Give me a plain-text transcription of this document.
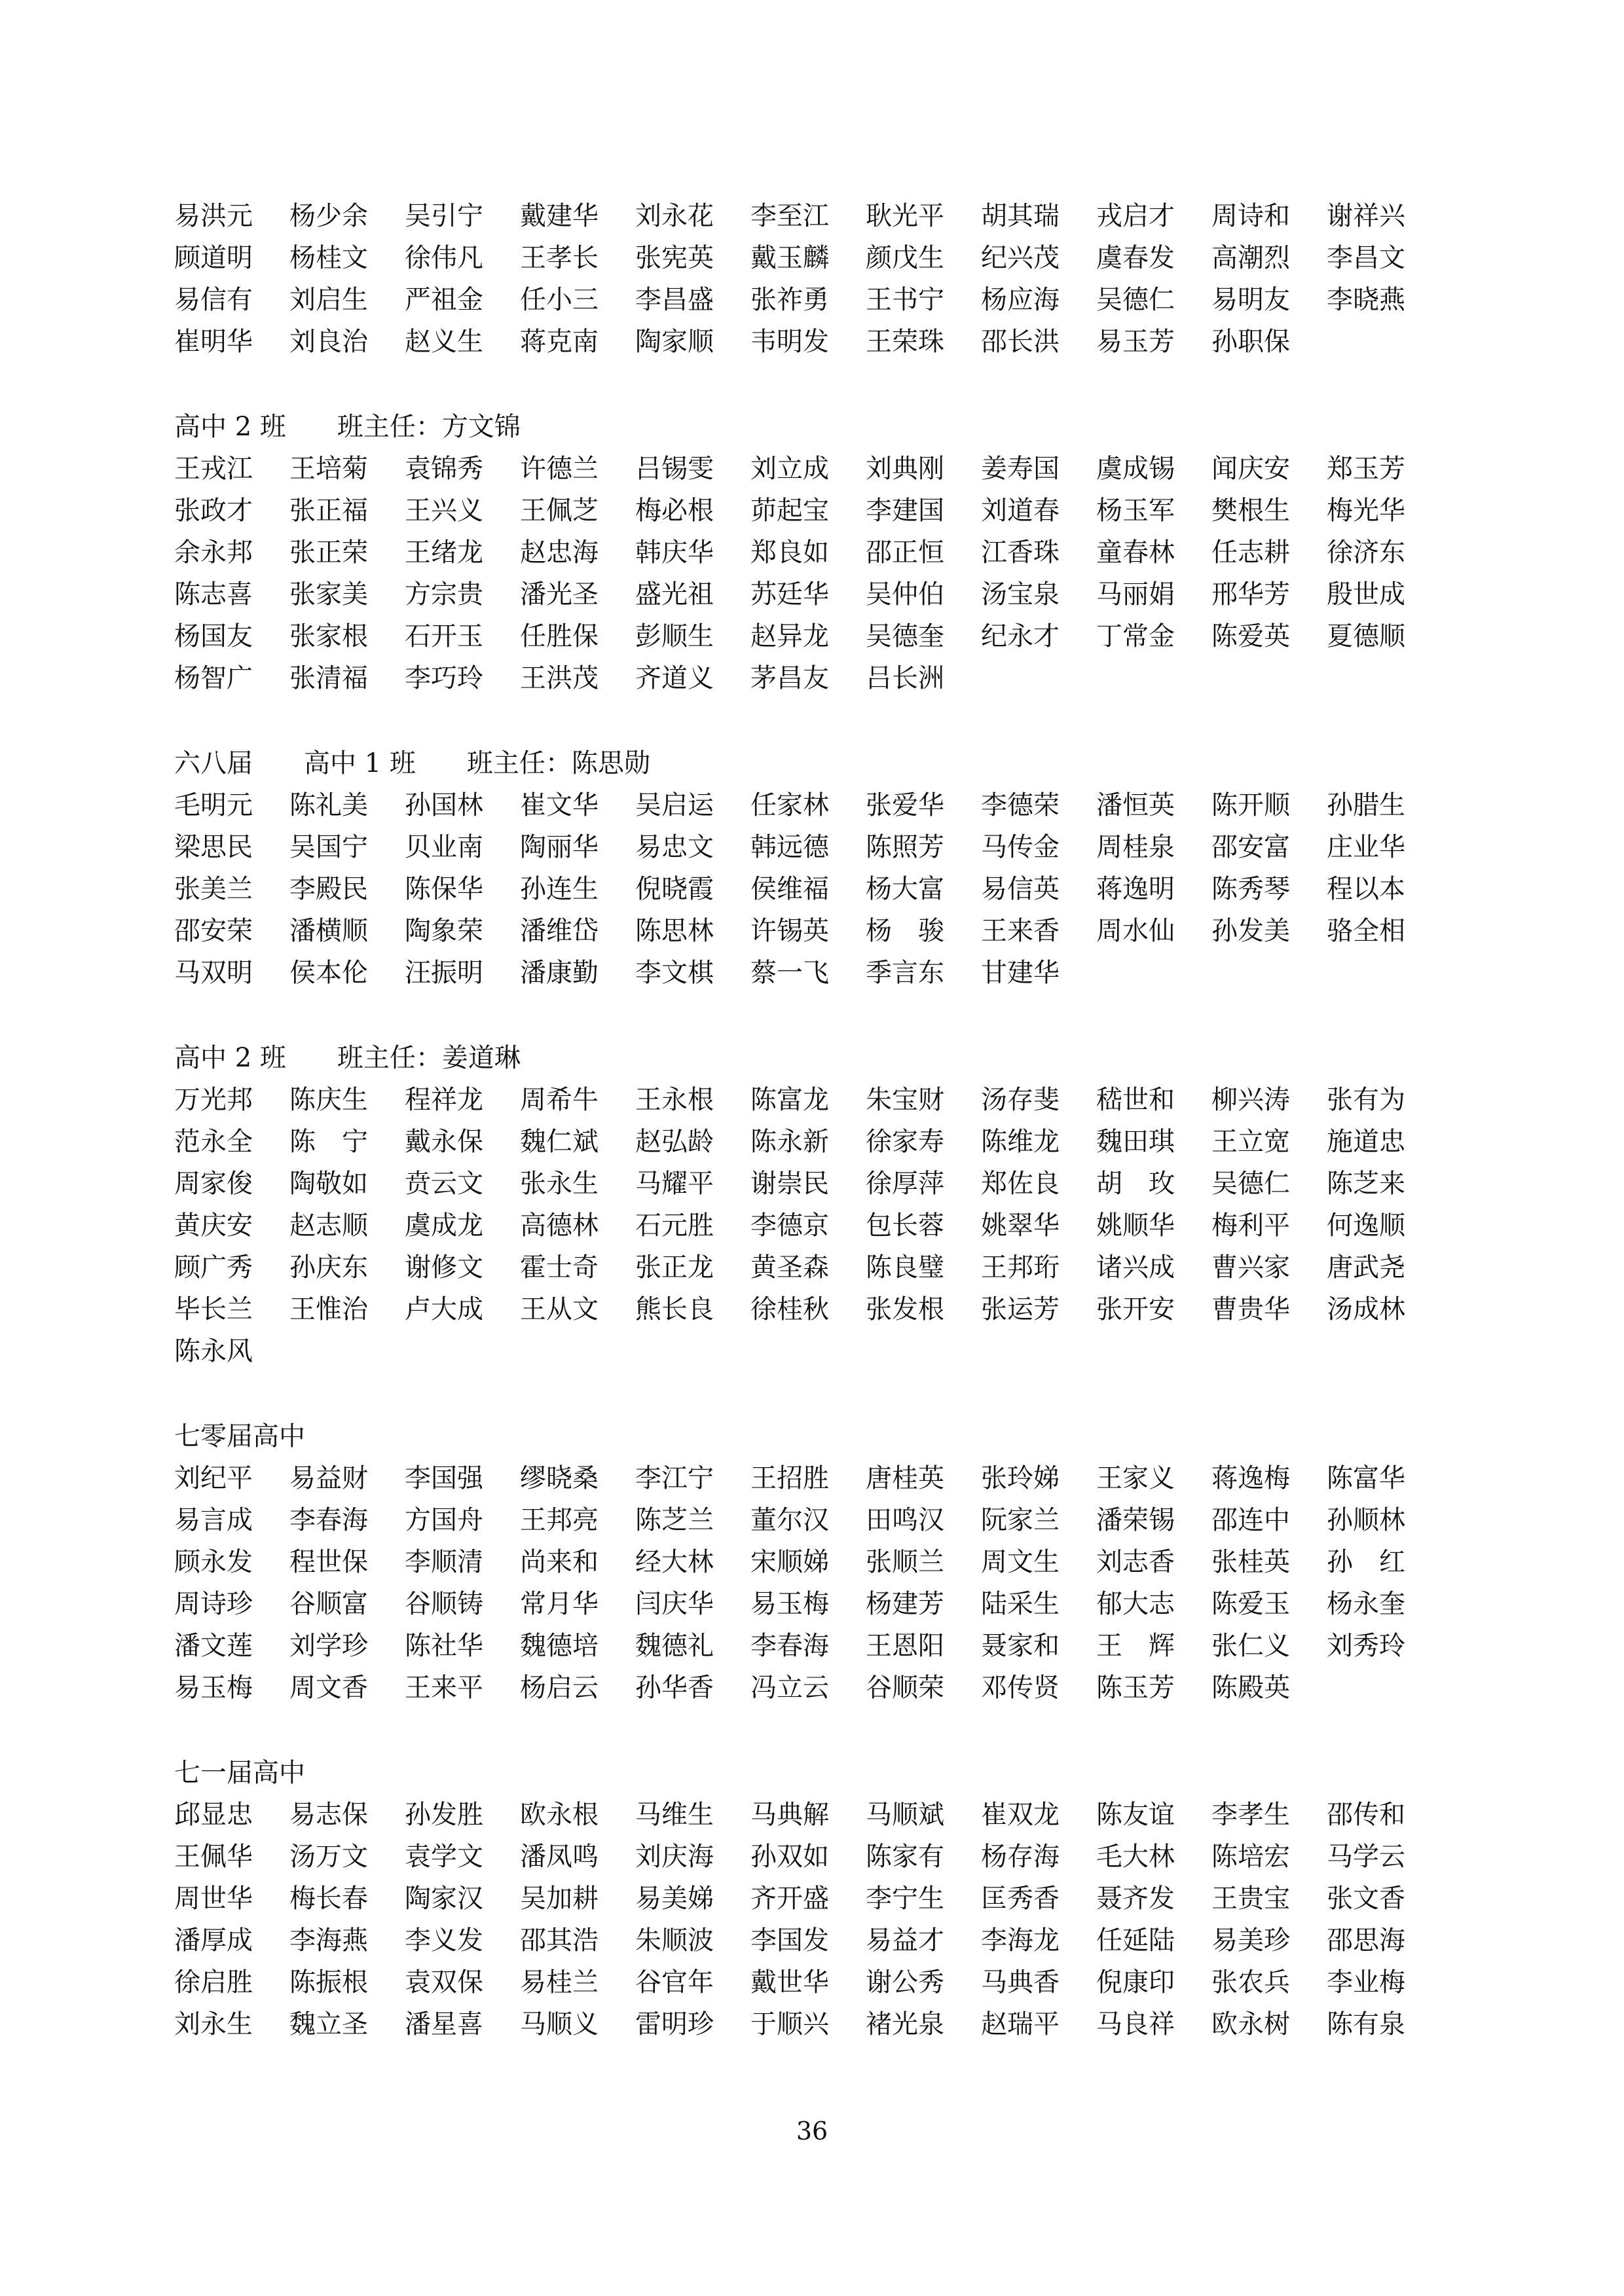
易洪元	杨少余	吴引宁	戴建华	刘永花	李至江	耿光平	胡其瑞	戎启才	周诗和	谢祥兴
顾道明	杨桂文	徐伟凡	王孝长	张宪英	戴玉麟	颜戊生	纪兴茂	虞春发	高潮烈	李昌文
易信有	刘启生	严祖金	任小三	李昌盛	张祚勇	王书宁	杨应海	吴德仁	易明友	李晓燕
崔明华	刘良治	赵义生	蒋克南	陶家顺	韦明发	王荣珠	邵长洪	易玉芳	孙职保
高中 2 班 班主任：方文锦
王戎江	王培菊	袁锦秀	许德兰	吕锡雯	刘立成	刘典刚	姜寿国	虞成锡	闻庆安	郑玉芳
张政才	张正福	王兴义	王佩芝	梅必根	茆起宝	李建国	刘道春	杨玉军	樊根生	梅光华
余永邦	张正荣	王绪龙	赵忠海	韩庆华	郑良如	邵正恒	江香珠	童春林	任志耕	徐济东
陈志喜	张家美	方宗贵	潘光圣	盛光祖	苏廷华	吴仲伯	汤宝泉	马丽娟	邢华芳	殷世成
杨国友	张家根	石开玉	任胜保	彭顺生	赵异龙	吴德奎	纪永才	丁常金	陈爱英	夏德顺
杨智广	张清福	李巧玲	王洪茂	齐道义	茅昌友	吕长洲
六八届 高中 1 班 班主任：陈思勋
毛明元	陈礼美	孙国林	崔文华	吴启运	任家林	张爱华	李德荣	潘恒英	陈开顺	孙腊生
梁思民	吴国宁	贝业南	陶丽华	易忠文	韩远德	陈照芳	马传金	周桂泉	邵安富	庄业华
张美兰	李殿民	陈保华	孙连生	倪晓霞	侯维福	杨大富	易信英	蒋逸明	陈秀琴	程以本
邵安荣	潘横顺	陶象荣	潘维岱	陈思林	许锡英	杨　骏	王来香	周水仙	孙发美	骆全相
马双明	侯本伦	汪振明	潘康勤	李文棋	蔡一飞	季言东	甘建华
高中 2 班 班主任：姜道琳
万光邦	陈庆生	程祥龙	周希牛	王永根	陈富龙	朱宝财	汤存斐	嵇世和	柳兴涛	张有为
范永全	陈　宁	戴永保	魏仁斌	赵弘龄	陈永新	徐家寿	陈维龙	魏田琪	王立宽	施道忠
周家俊	陶敬如	贲云文	张永生	马耀平	谢崇民	徐厚萍	郑佐良	胡　玫	吴德仁	陈芝来
黄庆安	赵志顺	虞成龙	高德林	石元胜	李德京	包长蓉	姚翠华	姚顺华	梅利平	何逸顺
顾广秀	孙庆东	谢修文	霍士奇	张正龙	黄圣森	陈良璧	王邦珩	诸兴成	曹兴家	唐武尧
毕长兰	王惟治	卢大成	王从文	熊长良	徐桂秋	张发根	张运芳	张开安	曹贵华	汤成林
陈永风
七零届高中
刘纪平	易益财	李国强	缪晓桑	李江宁	王招胜	唐桂英	张玲娣	王家义	蒋逸梅	陈富华
易言成	李春海	方国舟	王邦亮	陈芝兰	董尔汉	田鸣汉	阮家兰	潘荣锡	邵连中	孙顺林
顾永发	程世保	李顺清	尚来和	经大林	宋顺娣	张顺兰	周文生	刘志香	张桂英	孙　红
周诗珍	谷顺富	谷顺铸	常月华	闫庆华	易玉梅	杨建芳	陆采生	郁大志	陈爱玉	杨永奎
潘文莲	刘学珍	陈社华	魏德培	魏德礼	李春海	王恩阳	聂家和	王　辉	张仁义	刘秀玲
易玉梅	周文香	王来平	杨启云	孙华香	冯立云	谷顺荣	邓传贤	陈玉芳	陈殿英
七一届高中
邱显忠	易志保	孙发胜	欧永根	马维生	马典解	马顺斌	崔双龙	陈友谊	李孝生	邵传和
王佩华	汤万文	袁学文	潘凤鸣	刘庆海	孙双如	陈家有	杨存海	毛大林	陈培宏	马学云
周世华	梅长春	陶家汉	吴加耕	易美娣	齐开盛	李宁生	匡秀香	聂齐发	王贵宝	张文香
潘厚成	李海燕	李义发	邵其浩	朱顺波	李国发	易益才	李海龙	任延陆	易美珍	邵思海
徐启胜	陈振根	袁双保	易桂兰	谷官年	戴世华	谢公秀	马典香	倪康印	张农兵	李业梅
刘永生	魏立圣	潘星喜	马顺义	雷明珍	于顺兴	褚光泉	赵瑞平	马良祥	欧永树	陈有泉
36
